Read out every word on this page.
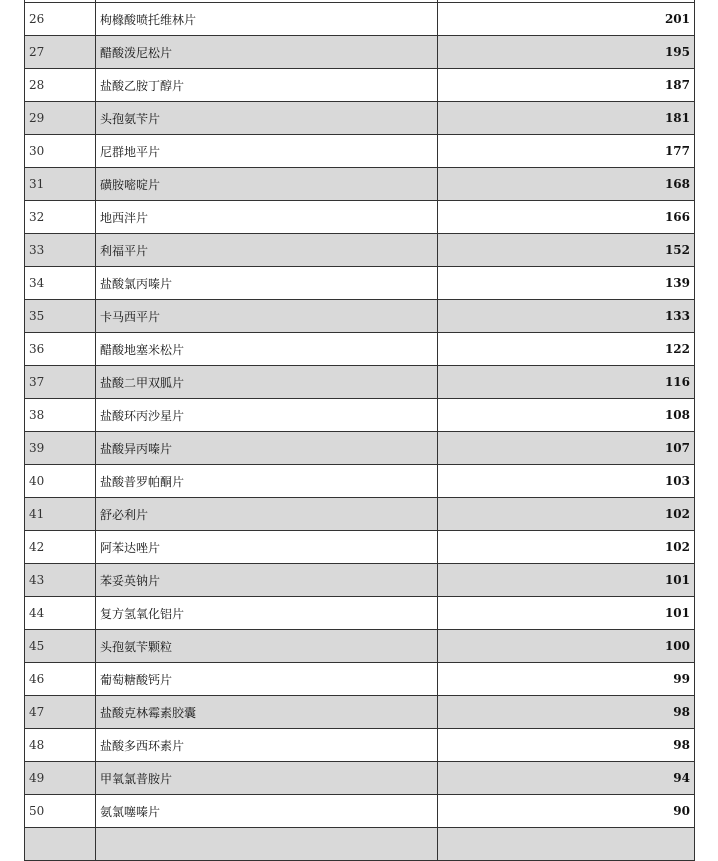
26	枸橼酸喷托维林片	201
27	醋酸泼尼松片	195
28	盐酸乙胺丁醇片	187
29	头孢氨苄片	181
30	尼群地平片	177
31	磺胺嘧啶片	168
32	地西泮片	166
33	利福平片	152
34	盐酸氯丙嗪片	139
35	卡马西平片	133
36	醋酸地塞米松片	122
37	盐酸二甲双胍片	116
38	盐酸环丙沙星片	108
39	盐酸异丙嗪片	107
40	盐酸普罗帕酮片	103
41	舒必利片	102
42	阿苯达唑片	102
43	苯妥英钠片	101
44	复方氢氧化铝片	101
45	头孢氨苄颗粒	100
46	葡萄糖酸钙片	99
47	盐酸克林霉素胶囊	98
48	盐酸多西环素片	98
49	甲氧氯普胺片	94
50	氨氯噻嗪片	90
